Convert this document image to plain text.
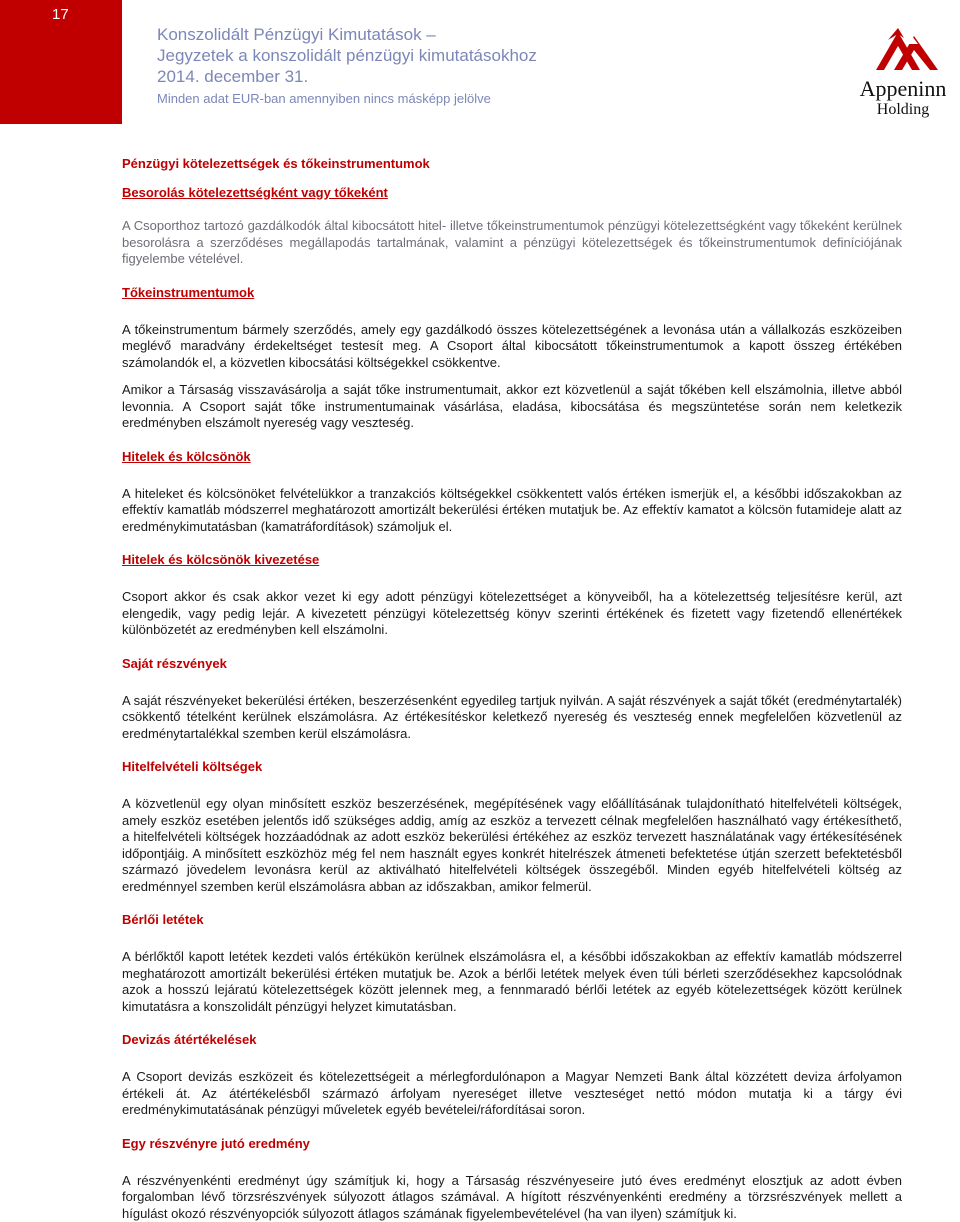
17
Konszolidált Pénzügyi Kimutatások –
Jegyzetek a konszolidált pénzügyi kimutatásokhoz
2014. december 31.
Minden adat EUR-ban amennyiben nincs másképp jelölve	Appeninn
Holding
Pénzügyi kötelezettségek és tőkeinstrumentumok
Besorolás kötelezettségként vagy tőkeként

A Csoporthoz tartozó gazdálkodók által kibocsátott hitel- illetve tőkeinstrumentumok pénzügyi kötelezettségként vagy tőkeként kerülnek besorolásra a szerződéses megállapodás tartalmának, valamint a pénzügyi kötelezettségek és tőkeinstrumentumok definíciójának figyelembe vételével.

Tőkeinstrumentumok

A tőkeinstrumentum bármely szerződés, amely egy gazdálkodó összes kötelezettségének a levonása után a vállalkozás eszközeiben meglévő maradvány érdekeltséget testesít meg. A Csoport által kibocsátott tőkeinstrumentumok a kapott összeg értékében számolandók el, a közvetlen kibocsátási költségekkel csökkentve.

Amikor a Társaság visszavásárolja a saját tőke instrumentumait, akkor ezt közvetlenül a saját tőkében kell elszámolnia, illetve abból levonnia. A Csoport saját tőke instrumentumainak vásárlása, eladása, kibocsátása és megszüntetése során nem keletkezik eredményben elszámolt nyereség vagy veszteség.

Hitelek és kölcsönök

A hiteleket és kölcsönöket felvételükkor a tranzakciós költségekkel csökkentett valós értéken ismerjük el, a későbbi időszakokban az effektív kamatláb módszerrel meghatározott amortizált bekerülési értéken mutatjuk be. Az effektív kamatot a kölcsön futamideje alatt az eredménykimutatásban (kamatráfordítások) számoljuk el.

Hitelek és kölcsönök kivezetése

Csoport akkor és csak akkor vezet ki egy adott pénzügyi kötelezettséget a könyveiből, ha a kötelezettség teljesítésre kerül, azt elengedik, vagy pedig lejár. A kivezetett pénzügyi kötelezettség könyv szerinti értékének és fizetett vagy fizetendő ellenértékek különbözetét az eredményben kell elszámolni.

Saját részvények

A saját részvényeket bekerülési értéken, beszerzésenként egyedileg tartjuk nyilván. A saját részvények a saját tőkét (eredménytartalék) csökkentő tételként kerülnek elszámolásra. Az értékesítéskor keletkező nyereség és veszteség ennek megfelelően közvetlenül az eredménytartalékkal szemben kerül elszámolásra.

Hitelfelvételi költségek

A közvetlenül egy olyan minősített eszköz beszerzésének, megépítésének vagy előállításának tulajdonítható hitelfelvételi költségek, amely eszköz esetében jelentős idő szükséges addig, amíg az eszköz a tervezett célnak megfelelően használható vagy értékesíthető, a hitelfelvételi költségek hozzáadódnak az adott eszköz bekerülési értékéhez az eszköz tervezett használatának vagy értékesítésének időpontjáig. A minősített eszközhöz még fel nem használt egyes konkrét hitelrészek átmeneti befektetése útján szerzett befektetésből származó jövedelem levonásra kerül az aktiválható hitelfelvételi költségek összegéből. Minden egyéb hitelfelvételi költség az eredménnyel szemben kerül elszámolásra abban az időszakban, amikor felmerül.

Bérlői letétek

A bérlőktől kapott letétek kezdeti valós értékükön kerülnek elszámolásra el, a későbbi időszakokban az effektív kamatláb módszerrel meghatározott amortizált bekerülési értéken mutatjuk be. Azok a bérlői letétek melyek éven túli bérleti szerződésekhez kapcsolódnak azok a hosszú lejáratú kötelezettségek között jelennek meg, a fennmaradó bérlői letétek az egyéb kötelezettségek között kerülnek kimutatásra a konszolidált pénzügyi helyzet kimutatásban.

Devizás átértékelések

A Csoport devizás eszközeit és kötelezettségeit a mérlegfordulónapon a Magyar Nemzeti Bank által közzétett deviza árfolyamon értékeli át. Az átértékelésből származó árfolyam nyereséget illetve veszteséget nettó módon mutatja ki a tárgy évi eredménykimutatásának pénzügyi műveletek egyéb bevételei/ráfordításai soron.

Egy részvényre jutó eredmény

A részvényenkénti eredményt úgy számítjuk ki, hogy a Társaság részvényeseire jutó éves eredményt elosztjuk az adott évben forgalomban lévő törzsrészvények súlyozott átlagos számával. A hígított részvényenkénti eredmény a törzsrészvények mellett a hígulást okozó részvényopciók súlyozott átlagos számának figyelembevételével (ha van ilyen) számítjuk ki.
